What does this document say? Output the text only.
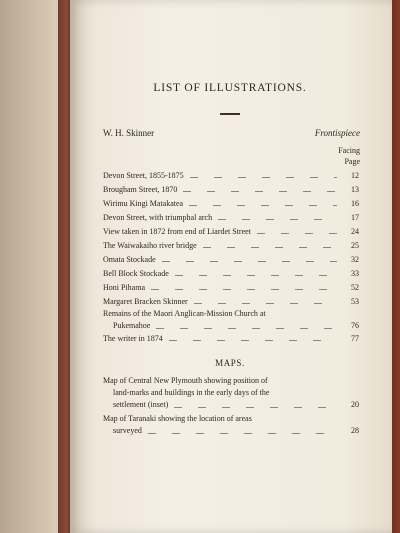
LIST OF ILLUSTRATIONS.
W. H. Skinner	Frontispiece
Facing
Page
Devon Street, 1855-1875	12
Brougham Street, 1870	13
Wirimu Kingi Matakatea	16
Devon Street, with triumphal arch	17
View taken in 1872 from end of Liardet Street	24
The Waiwakaiho river bridge	25
Omata Stockade	32
Bell Block Stockade	33
Honi Pihama	52
Margaret Bracken Skinner	53
Remains of the Maori Anglican-Mission Church at
Pukemahoe	76
The writer in 1874	77
MAPS.
Map of Central New Plymouth showing position of
land-marks and buildings in the early days of the
settlement (inset)	20
Map of Taranaki showing the location of areas
surveyed	28
